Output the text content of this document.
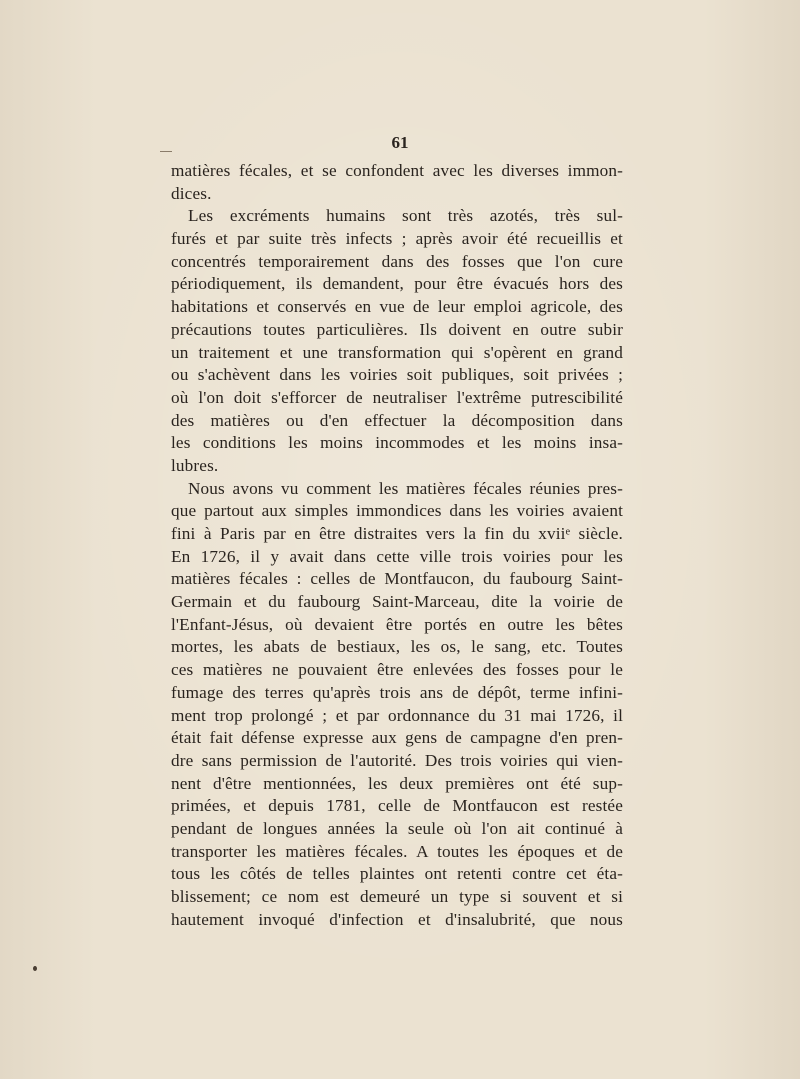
61
matières fécales, et se confondent avec les diverses immon-
dices.
Les excréments humains sont très azotés, très sul-
furés et par suite très infects ; après avoir été recueillis et
concentrés temporairement dans des fosses que l'on cure
périodiquement, ils demandent, pour être évacués hors des
habitations et conservés en vue de leur emploi agricole, des
précautions toutes particulières. Ils doivent en outre subir
un traitement et une transformation qui s'opèrent en grand
ou s'achèvent dans les voiries soit publiques, soit privées ;
où l'on doit s'efforcer de neutraliser l'extrême putrescibilité
des matières ou d'en effectuer la décomposition dans
les conditions les moins incommodes et les moins insa-
lubres.
Nous avons vu comment les matières fécales réunies pres-
que partout aux simples immondices dans les voiries avaient
fini à Paris par en être distraites vers la fin du xviiᵉ siècle.
En 1726, il y avait dans cette ville trois voiries pour les
matières fécales : celles de Montfaucon, du faubourg Saint-
Germain et du faubourg Saint-Marceau, dite la voirie de
l'Enfant-Jésus, où devaient être portés en outre les bêtes
mortes, les abats de bestiaux, les os, le sang, etc. Toutes
ces matières ne pouvaient être enlevées des fosses pour le
fumage des terres qu'après trois ans de dépôt, terme infini-
ment trop prolongé ; et par ordonnance du 31 mai 1726, il
était fait défense expresse aux gens de campagne d'en pren-
dre sans permission de l'autorité. Des trois voiries qui vien-
nent d'être mentionnées, les deux premières ont été sup-
primées, et depuis 1781, celle de Montfaucon est restée
pendant de longues années la seule où l'on ait continué à
transporter les matières fécales. A toutes les époques et de
tous les côtés de telles plaintes ont retenti contre cet éta-
blissement; ce nom est demeuré un type si souvent et si
hautement invoqué d'infection et d'insalubrité, que nous
